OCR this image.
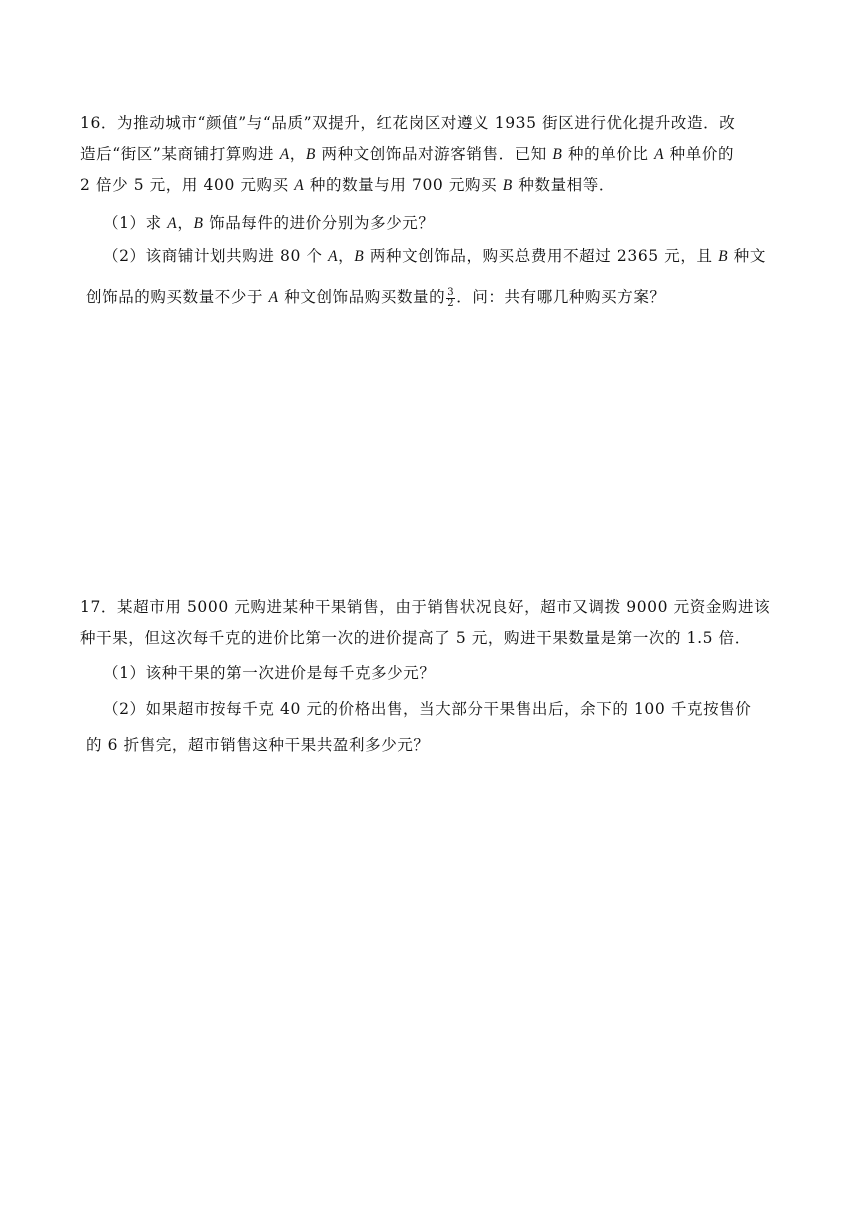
16．为推动城市“颜值”与“品质”双提升，红花岗区对遵义 1935 街区进行优化提升改造．改
造后“街区”某商铺打算购进 A，B 两种文创饰品对游客销售．已知 B 种的单价比 A 种单价的
2 倍少 5 元，用 400 元购买 A 种的数量与用 700 元购买 B 种数量相等．
（1）求 A，B 饰品每件的进价分别为多少元？
（2）该商铺计划共购进 80 个 A，B 两种文创饰品，购买总费用不超过 2365 元，且 B 种文
创饰品的购买数量不少于 A 种文创饰品购买数量的 $\frac{3}{2}$ ．问：共有哪几种购买方案？
17．某超市用 5000 元购进某种干果销售，由于销售状况良好，超市又调拨 9000 元资金购进该
种干果，但这次每千克的进价比第一次的进价提高了 5 元，购进干果数量是第一次的 1.5 倍．
（1）该种干果的第一次进价是每千克多少元？
（2）如果超市按每千克 40 元的价格出售，当大部分干果售出后，余下的 100 千克按售价
的 6 折售完，超市销售这种干果共盈利多少元？
